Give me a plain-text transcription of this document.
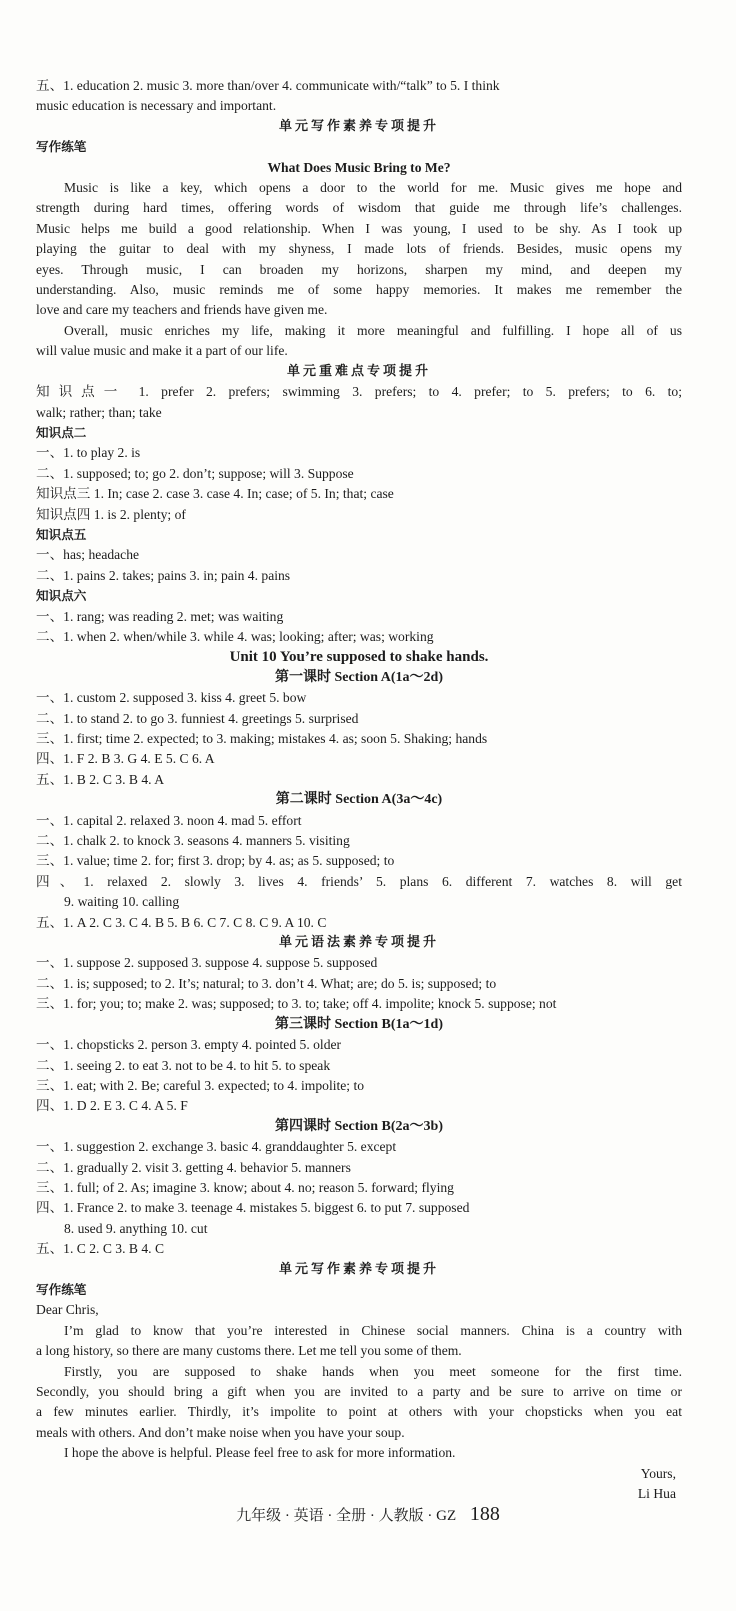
五、1. education 2. music 3. more than/over 4. communicate with/“talk” to 5. I think
music education is necessary and important.
单元写作素养专项提升
写作练笔
What Does Music Bring to Me?
Music is like a key, which opens a door to the world for me. Music gives me hope and
strength during hard times, offering words of wisdom that guide me through life’s challenges.
Music helps me build a good relationship. When I was young, I used to be shy. As I took up
playing the guitar to deal with my shyness, I made lots of friends. Besides, music opens my
eyes. Through music, I can broaden my horizons, sharpen my mind, and deepen my
understanding. Also, music reminds me of some happy memories. It makes me remember the
love and care my teachers and friends have given me.
Overall, music enriches my life, making it more meaningful and fulfilling. I hope all of us
will value music and make it a part of our life.
单元重难点专项提升
知识点一 1. prefer 2. prefers; swimming 3. prefers; to 4. prefer; to 5. prefers; to 6. to;
walk; rather; than; take
知识点二
一、1. to play 2. is
二、1. supposed; to; go 2. don’t; suppose; will 3. Suppose
知识点三 1. In; case 2. case 3. case 4. In; case; of 5. In; that; case
知识点四 1. is 2. plenty; of
知识点五
一、has; headache
二、1. pains 2. takes; pains 3. in; pain 4. pains
知识点六
一、1. rang; was reading 2. met; was waiting
二、1. when 2. when/while 3. while 4. was; looking; after; was; working
Unit 10 You’re supposed to shake hands.
第一课时 Section A(1a～2d)
一、1. custom 2. supposed 3. kiss 4. greet 5. bow
二、1. to stand 2. to go 3. funniest 4. greetings 5. surprised
三、1. first; time 2. expected; to 3. making; mistakes 4. as; soon 5. Shaking; hands
四、1. F 2. B 3. G 4. E 5. C 6. A
五、1. B 2. C 3. B 4. A
第二课时 Section A(3a～4c)
一、1. capital 2. relaxed 3. noon 4. mad 5. effort
二、1. chalk 2. to knock 3. seasons 4. manners 5. visiting
三、1. value; time 2. for; first 3. drop; by 4. as; as 5. supposed; to
四、1. relaxed 2. slowly 3. lives 4. friends’ 5. plans 6. different 7. watches 8. will get
9. waiting 10. calling
五、1. A 2. C 3. C 4. B 5. B 6. C 7. C 8. C 9. A 10. C
单元语法素养专项提升
一、1. suppose 2. supposed 3. suppose 4. suppose 5. supposed
二、1. is; supposed; to 2. It’s; natural; to 3. don’t 4. What; are; do 5. is; supposed; to
三、1. for; you; to; make 2. was; supposed; to 3. to; take; off 4. impolite; knock 5. suppose; not
第三课时 Section B(1a～1d)
一、1. chopsticks 2. person 3. empty 4. pointed 5. older
二、1. seeing 2. to eat 3. not to be 4. to hit 5. to speak
三、1. eat; with 2. Be; careful 3. expected; to 4. impolite; to
四、1. D 2. E 3. C 4. A 5. F
第四课时 Section B(2a～3b)
一、1. suggestion 2. exchange 3. basic 4. granddaughter 5. except
二、1. gradually 2. visit 3. getting 4. behavior 5. manners
三、1. full; of 2. As; imagine 3. know; about 4. no; reason 5. forward; flying
四、1. France 2. to make 3. teenage 4. mistakes 5. biggest 6. to put 7. supposed
8. used 9. anything 10. cut
五、1. C 2. C 3. B 4. C
单元写作素养专项提升
写作练笔
Dear Chris,
I’m glad to know that you’re interested in Chinese social manners. China is a country with
a long history, so there are many customs there. Let me tell you some of them.
Firstly, you are supposed to shake hands when you meet someone for the first time.
Secondly, you should bring a gift when you are invited to a party and be sure to arrive on time or
a few minutes earlier. Thirdly, it’s impolite to point at others with your chopsticks when you eat
meals with others. And don’t make noise when you have your soup.
I hope the above is helpful. Please feel free to ask for more information.
Yours,
Li Hua
九年级 · 英语 · 全册 · 人教版 · GZ 188
